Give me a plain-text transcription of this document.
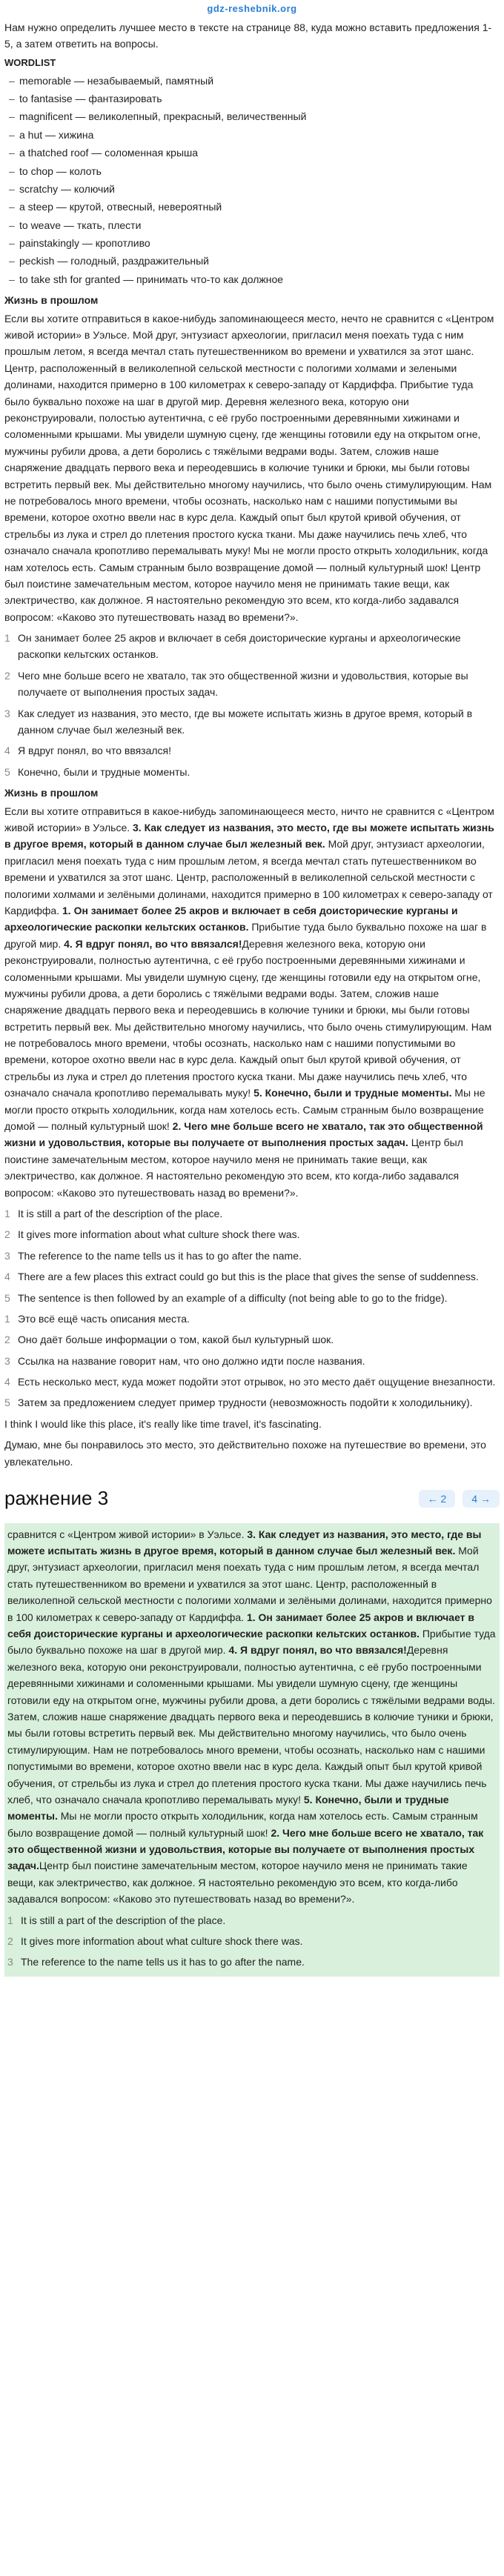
gdz-reshebnik.org

Нам нужно определить лучшее место в тексте на странице 88, куда можно вставить предложения 1-5, а затем ответить на вопросы.

WORDLIST
– memorable — незабываемый, памятный
– to fantasise — фантазировать
– magnificent — великолепный, прекрасный, величественный
– a hut — хижина
– a thatched roof — соломенная крыша
– to chop — колоть
– scratchy — колючий
– a steep — крутой, отвесный, невероятный
– to weave — ткать, плести
– painstakingly — кропотливо
– peckish — голодный, раздражительный
– to take sth for granted — принимать что-то как должное
Жизнь в прошлом

Если вы хотите отправиться в какое-нибудь запоминающееся место, нечто не сравнится с «Центром живой истории» в Уэльсе. Мой друг, энтузиаст археологии, пригласил меня поехать туда с ним прошлым летом, я всегда мечтал стать путешественником во времени и ухватился за этот шанс. Центр, расположенный в великолепной сельской местности с пологими холмами и зелеными долинами, находится примерно в 100 километрах к северо-западу от Кардиффа. Прибытие туда было буквально похоже на шаг в другой мир. Деревня железного века, которую они реконструировали, полостью аутентична, с её грубо построенными деревянными хижинами и соломенными крышами. Мы увидели шумную сцену, где женщины готовили еду на открытом огне, мужчины рубили дрова, а дети боролись с тяжёлыми ведрами воды. Затем, сложив наше снаряжение двадцать первого века и переодевшись в колючие туники и брюки, мы были готовы встретить первый век. Мы действительно многому научились, что было очень стимулирующим. Нам не потребовалось много времени, чтобы осознать, насколько нам с нашими попустимыми вы времени, которое охотно ввели нас в курс дела. Каждый опыт был крутой кривой обучения, от стрельбы из лука и стрел до плетения простого куска ткани. Мы даже научились печь хлеб, что означало сначала кропотливо перемалывать муку! Мы не могли просто открыть холодильник, когда нам хотелось есть. Самым странным было возвращение домой — полный культурный шок! Центр был поистине замечательным местом, которое научило меня не принимать такие вещи, как электричество, как должное. Я настоятельно рекомендую это всем, кто когда-либо задавался вопросом: «Каково это путешествовать назад во времени?».

1 Он занимает более 25 акров и включает в себя доисторические курганы и археологические раскопки кельтских останков.
2 Чего мне больше всего не хватало, так это общественной жизни и удовольствия, которые вы получаете от выполнения простых задач.
3 Как следует из названия, это место, где вы можете испытать жизнь в другое время, который в данном случае был железный век.
4 Я вдруг понял, во что ввязался!
5 Конечно, были и трудные моменты.
Жизнь в прошлом

Если вы хотите отправиться в какое-нибудь запоминающееся место, ничто не сравнится с «Центром живой истории» в Уэльсе. 3. Как следует из названия, это место, где вы можете испытать жизнь в другое время, который в данном случае был железный век. Мой друг, энтузиаст археологии, пригласил меня поехать туда с ним прошлым летом, я всегда мечтал стать путешественником во времени и ухватился за этот шанс. Центр, расположенный в великолепной сельской местности с пологими холмами и зелёными долинами, находится примерно в 100 километрах к северо-западу от Кардиффа. 1. Он занимает более 25 акров и включает в себя доисторические курганы и археологические раскопки кельтских останков. Прибытие туда было буквально похоже на шаг в другой мир. 4. Я вдруг понял, во что ввязался!Деревня железного века, которую они реконструировали, полностью аутентична, с её грубо построенными деревянными хижинами и соломенными крышами. Мы увидели шумную сцену, где женщины готовили еду на открытом огне, мужчины рубили дрова, а дети боролись с тяжёлыми ведрами воды. Затем, сложив наше снаряжение двадцать первого века и переодевшись в колючие туники и брюки, мы были готовы встретить первый век. Мы действительно многому научились, что было очень стимулирующим. Нам не потребовалось много времени, чтобы осознать, насколько нам с нашими попустимыми во времени, которое охотно ввели нас в курс дела. Каждый опыт был крутой кривой обучения, от стрельбы из лука и стрел до плетения простого куска ткани. Мы даже научились печь хлеб, что означало сначала кропотливо перемалывать муку! 5. Конечно, были и трудные моменты. Мы не могли просто открыть холодильник, когда нам хотелось есть. Самым странным было возвращение домой — полный культурный шок! 2. Чего мне больше всего не хватало, так это общественной жизни и удовольствия, которые вы получаете от выполнения простых задач. Центр был поистине замечательным местом, которое научило меня не принимать такие вещи, как электричество, как должное. Я настоятельно рекомендую это всем, кто когда-либо задавался вопросом: «Каково это путешествовать назад во времени?».

1 It is still a part of the description of the place.
2 It gives more information about what culture shock there was.
3 The reference to the name tells us it has to go after the name.
4 There are a few places this extract could go but this is the place that gives the sense of suddenness.
5 The sentence is then followed by an example of a difficulty (not being able to go to the fridge).
1 Это всё ещё часть описания места.
2 Оно даёт больше информации о том, какой был культурный шок.
3 Ссылка на название говорит нам, что оно должно идти после названия.
4 Есть несколько мест, куда может подойти этот отрывок, но это место даёт ощущение внезапности.
5 Затем за предложением следует пример трудности (невозможность подойти к холодильнику).

I think I would like this place, it's really like time travel, it's fascinating.

Думаю, мне бы понравилось это место, это действительно похоже на путешествие во времени, это увлекательно.

ражнение 3	← 2	4 →

сравнится с «Центром живой истории» в Уэльсе. 3. Как следует из названия, это место, где вы можете испытать жизнь в другое время, который в данном случае был железный век. Мой друг, энтузиаст археологии, пригласил меня поехать туда с ним прошлым летом, я всегда мечтал стать путешественником во времени и ухватился за этот шанс. Центр, расположенный в великолепной сельской местности с пологими холмами и зелёными долинами, находится примерно в 100 километрах к северо-западу от Кардиффа. 1. Он занимает более 25 акров и включает в себя доисторические курганы и археологические раскопки кельтских останков. Прибытие туда было буквально похоже на шаг в другой мир. 4. Я вдруг понял, во что ввязался!Деревня железного века, которую они реконструировали, полностью аутентична, с её грубо построенными деревянными хижинами и соломенными крышами. Мы увидели шумную сцену, где женщины готовили еду на открытом огне, мужчины рубили дрова, а дети боролись с тяжёлыми ведрами воды. Затем, сложив наше снаряжение двадцать первого века и переодевшись в колючие туники и брюки, мы были готовы встретить первый век. Мы действительно многому научились, что было очень стимулирующим. Нам не потребовалось много времени, чтобы осознать, насколько нам с нашими попустимыми во времени, которое охотно ввели нас в курс дела. Каждый опыт был крутой кривой обучения, от стрельбы из лука и стрел до плетения простого куска ткани. Мы даже научились печь хлеб, что означало сначала кропотливо перемалывать муку! 5. Конечно, были и трудные моменты. Мы не могли просто открыть холодильник, когда нам хотелось есть. Самым странным было возвращение домой — полный культурный шок! 2. Чего мне больше всего не хватало, так это общественной жизни и удовольствия, которые вы получаете от выполнения простых задач.Центр был поистине замечательным местом, которое научило меня не принимать такие вещи, как электричество, как должное. Я настоятельно рекомендую это всем, кто когда-либо задавался вопросом: «Каково это путешествовать назад во времени?».

1 It is still a part of the description of the place.
2 It gives more information about what culture shock there was.
3 The reference to the name tells us it has to go after the name.
